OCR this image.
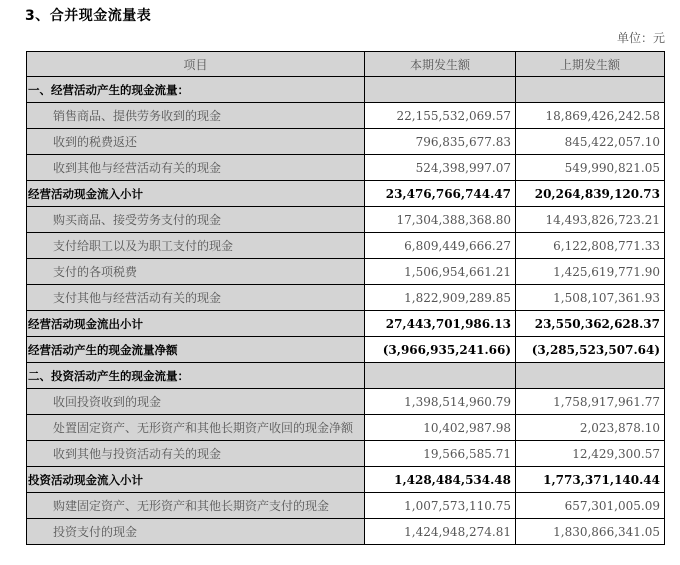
3、合并现金流量表
单位：元
项目	本期发生额	上期发生额
一、经营活动产生的现金流量：		
销售商品、提供劳务收到的现金	22,155,532,069.57	18,869,426,242.58
收到的税费返还	796,835,677.83	845,422,057.10
收到其他与经营活动有关的现金	524,398,997.07	549,990,821.05
经营活动现金流入小计	23,476,766,744.47	20,264,839,120.73
购买商品、接受劳务支付的现金	17,304,388,368.80	14,493,826,723.21
支付给职工以及为职工支付的现金	6,809,449,666.27	6,122,808,771.33
支付的各项税费	1,506,954,661.21	1,425,619,771.90
支付其他与经营活动有关的现金	1,822,909,289.85	1,508,107,361.93
经营活动现金流出小计	27,443,701,986.13	23,550,362,628.37
经营活动产生的现金流量净额	(3,966,935,241.66)	(3,285,523,507.64)
二、投资活动产生的现金流量：		
收回投资收到的现金	1,398,514,960.79	1,758,917,961.77
处置固定资产、无形资产和其他长期资产收回的现金净额	10,402,987.98	2,023,878.10
收到其他与投资活动有关的现金	19,566,585.71	12,429,300.57
投资活动现金流入小计	1,428,484,534.48	1,773,371,140.44
购建固定资产、无形资产和其他长期资产支付的现金	1,007,573,110.75	657,301,005.09
投资支付的现金	1,424,948,274.81	1,830,866,341.05
